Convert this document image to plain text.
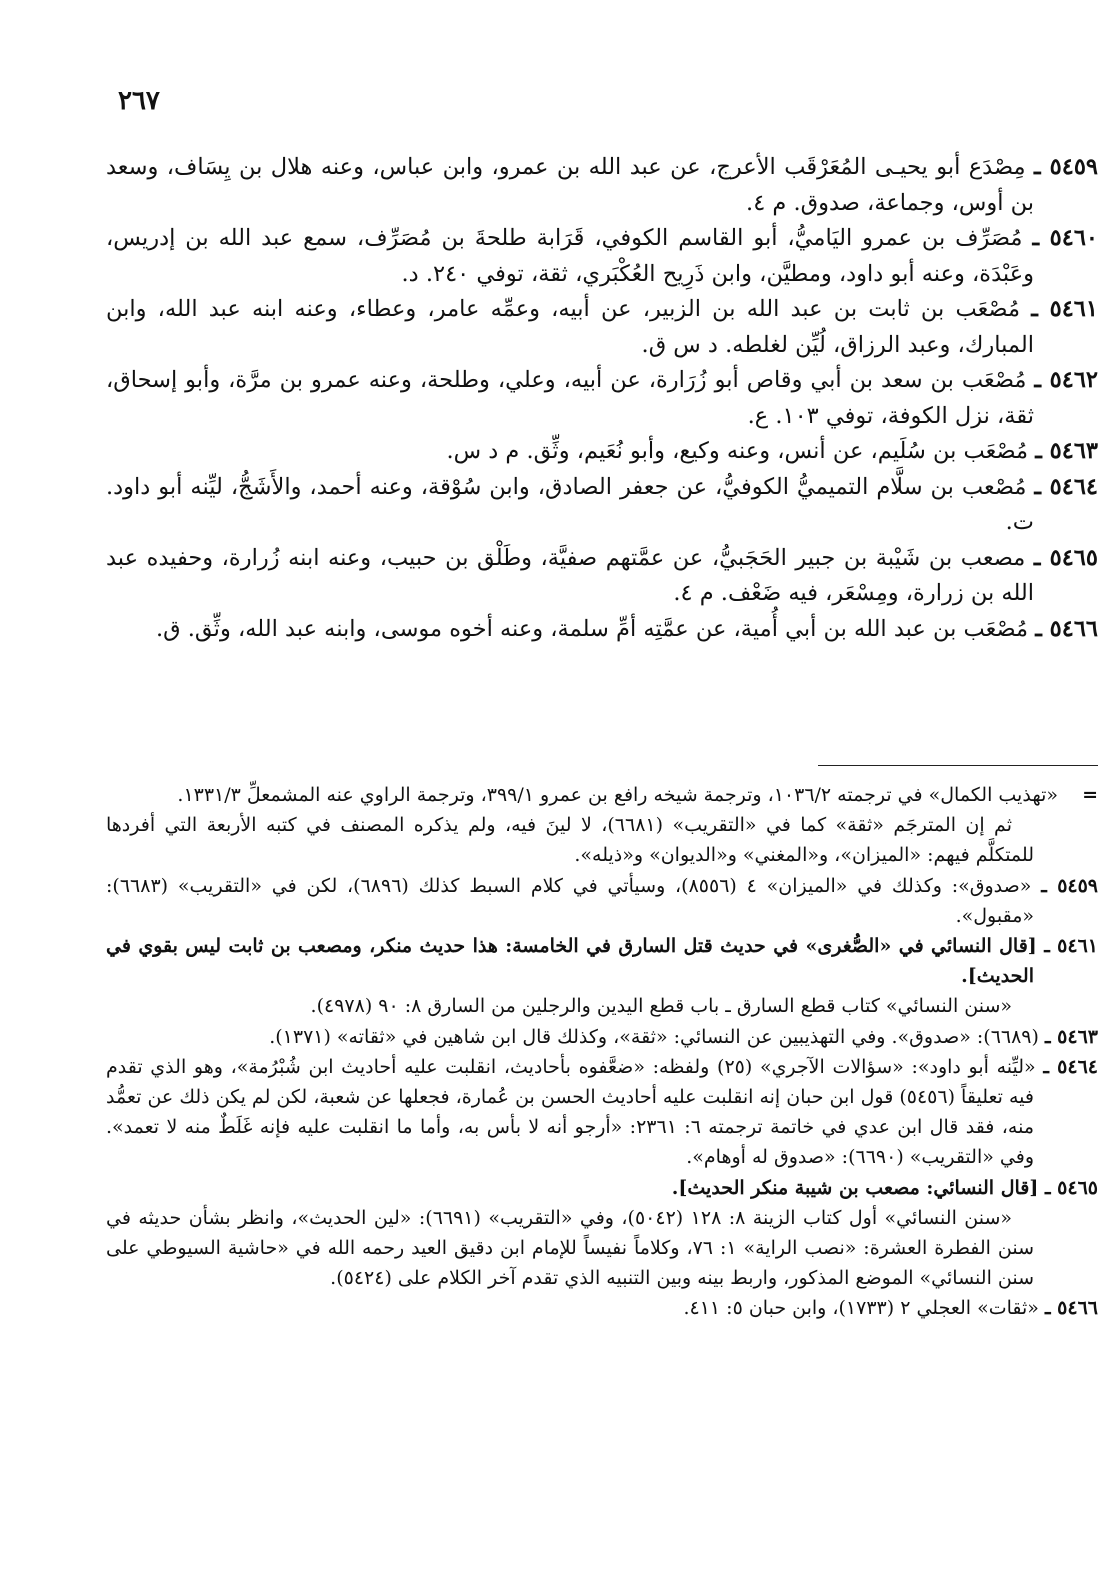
٢٦٧

٥٤٥٩ ـ مِصْدَع أبو يحيـى المُعَرْقَب الأعرج، عن عبد الله بن عمرو، وابن عباس، وعنه هلال بن يِسَاف، وسعد بن أوس، وجماعة، صدوق. م ٤.

٥٤٦٠ ـ مُصَرِّف بن عمرو اليَاميُّ، أبو القاسم الكوفي، قَرَابة طلحةَ بن مُصَرِّف، سمع عبد الله بن إدريس، وعَبْدَة، وعنه أبو داود، ومطيَّن، وابن ذَرِيح العُكْبَري، ثقة، توفي ٢٤٠. د.

٥٤٦١ ـ مُصْعَب بن ثابت بن عبد الله بن الزبير، عن أبيه، وعمِّه عامر، وعطاء، وعنه ابنه عبد الله، وابن المبارك، وعبد الرزاق، لُيِّن لغلطه. د س ق.

٥٤٦٢ ـ مُصْعَب بن سعد بن أبي وقاص أبو زُرَارة، عن أبيه، وعلي، وطلحة، وعنه عمرو بن مرَّة، وأبو إسحاق، ثقة، نزل الكوفة، توفي ١٠٣. ع.

٥٤٦٣ ـ مُصْعَب بن سُلَيم، عن أنس، وعنه وكيع، وأبو نُعَيم، وثِّق. م د س.

٥٤٦٤ ـ مُصْعب بن سلَّام التميميُّ الكوفيُّ، عن جعفر الصادق، وابن سُوْقة، وعنه أحمد، والأَشَجُّ، ليِّنه أبو داود. ت.

٥٤٦٥ ـ مصعب بن شَيْبة بن جبير الحَجَبيُّ، عن عمَّتهم صفيَّة، وطَلْق بن حبيب، وعنه ابنه زُرارة، وحفيده عبد الله بن زرارة، ومِسْعَر، فيه ضَعْف. م ٤.

٥٤٦٦ ـ مُصْعَب بن عبد الله بن أبي أُمية، عن عمَّتِه أمِّ سلمة، وعنه أخوه موسى، وابنه عبد الله، وثِّق. ق.

=«تهذيب الكمال» في ترجمته ١٠٣٦/٢، وترجمة شيخه رافع بن عمرو ٣٩٩/١، وترجمة الراوي عنه المشمعلِّ ١٣٣١/٣.

ثم إن المترجَم «ثقة» كما في «التقريب» (٦٦٨١)، لا لينَ فيه، ولم يذكره المصنف في كتبه الأربعة التي أفردها للمتكلَّم فيهم: «الميزان»، و«المغني» و«الديوان» و«ذيله».

٥٤٥٩ ـ «صدوق»: وكذلك في «الميزان» ٤ (٨٥٥٦)، وسيأتي في كلام السبط كذلك (٦٨٩٦)، لكن في «التقريب» (٦٦٨٣): «مقبول».

٥٤٦١ ـ [قال النسائي في «الصُّغرى» في حديث قتل السارق في الخامسة: هذا حديث منكر، ومصعب بن ثابت ليس بقوي في الحديث].

«سنن النسائي» كتاب قطع السارق ـ باب قطع اليدين والرجلين من السارق ٨: ٩٠ (٤٩٧٨).

٥٤٦٣ ـ (٦٦٨٩): «صدوق». وفي التهذيبين عن النسائي: «ثقة»، وكذلك قال ابن شاهين في «ثقاته» (١٣٧١).

٥٤٦٤ ـ «ليِّنه أبو داود»: «سؤالات الآجري» (٢٥) ولفظه: «ضعَّفوه بأحاديث، انقلبت عليه أحاديث ابن شُبْرُمة»، وهو الذي تقدم فيه تعليقاً (٥٤٥٦) قول ابن حبان إنه انقلبت عليه أحاديث الحسن بن عُمارة، فجعلها عن شعبة، لكن لم يكن ذلك عن تعمُّد منه، فقد قال ابن عدي في خاتمة ترجمته ٦: ٢٣٦١: «أرجو أنه لا بأس به، وأما ما انقلبت عليه فإنه غَلَطٌ منه لا تعمد». وفي «التقريب» (٦٦٩٠): «صدوق له أوهام».

٥٤٦٥ ـ [قال النسائي: مصعب بن شيبة منكر الحديث].

«سنن النسائي» أول كتاب الزينة ٨: ١٢٨ (٥٠٤٢)، وفي «التقريب» (٦٦٩١): «لين الحديث»، وانظر بشأن حديثه في سنن الفطرة العشرة: «نصب الراية» ١: ٧٦، وكلاماً نفيساً للإمام ابن دقيق العيد رحمه الله في «حاشية السيوطي على سنن النسائي» الموضع المذكور، واربط بينه وبين التنبيه الذي تقدم آخر الكلام على (٥٤٢٤).

٥٤٦٦ ـ «ثقات» العجلي ٢ (١٧٣٣)، وابن حبان ٥: ٤١١.
